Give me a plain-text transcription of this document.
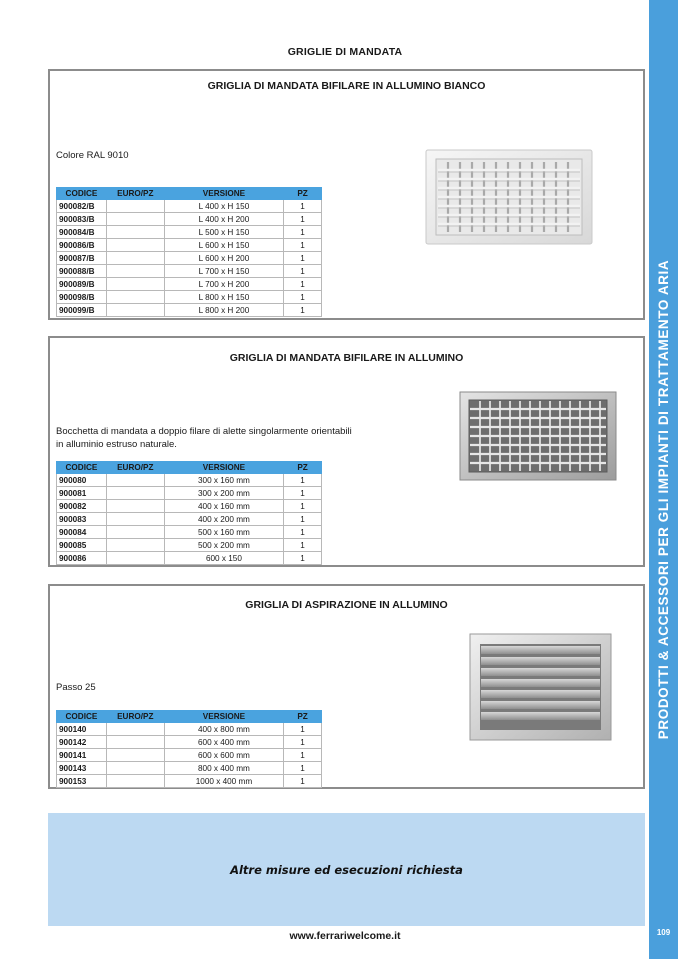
GRIGLIE DI MANDATA
PRODOTTI & ACCESSORI PER GLI IMPIANTI DI TRATTAMENTO ARIA
109
GRIGLIA DI MANDATA BIFILARE IN ALLUMINO BIANCO
Colore RAL 9010
CODICE	EURO/PZ	VERSIONE	PZ
900082/B		L 400 x H 150	1
900083/B		L 400 x H 200	1
900084/B		L 500 x H 150	1
900086/B		L 600 x H 150	1
900087/B		L 600 x H 200	1
900088/B		L 700 x H 150	1
900089/B		L 700 x H 200	1
900098/B		L 800 x H 150	1
900099/B		L 800 x H 200	1
GRIGLIA DI MANDATA BIFILARE IN ALLUMINO
Bocchetta di mandata a doppio filare di alette singolarmente orientabili in alluminio estruso naturale.
CODICE	EURO/PZ	VERSIONE	PZ
900080		300 x 160 mm	1
900081		300 x 200 mm	1
900082		400 x 160 mm	1
900083		400 x 200 mm	1
900084		500 x 160 mm	1
900085		500 x 200 mm	1
900086		600 x 150	1
GRIGLIA DI ASPIRAZIONE IN ALLUMINO
Passo 25
CODICE	EURO/PZ	VERSIONE	PZ
900140		400 x 800 mm	1
900142		600 x 400 mm	1
900141		600 x 600 mm	1
900143		800 x 400 mm	1
900153		1000 x 400 mm	1
Altre misure ed esecuzioni richiesta
www.ferrariwelcome.it
